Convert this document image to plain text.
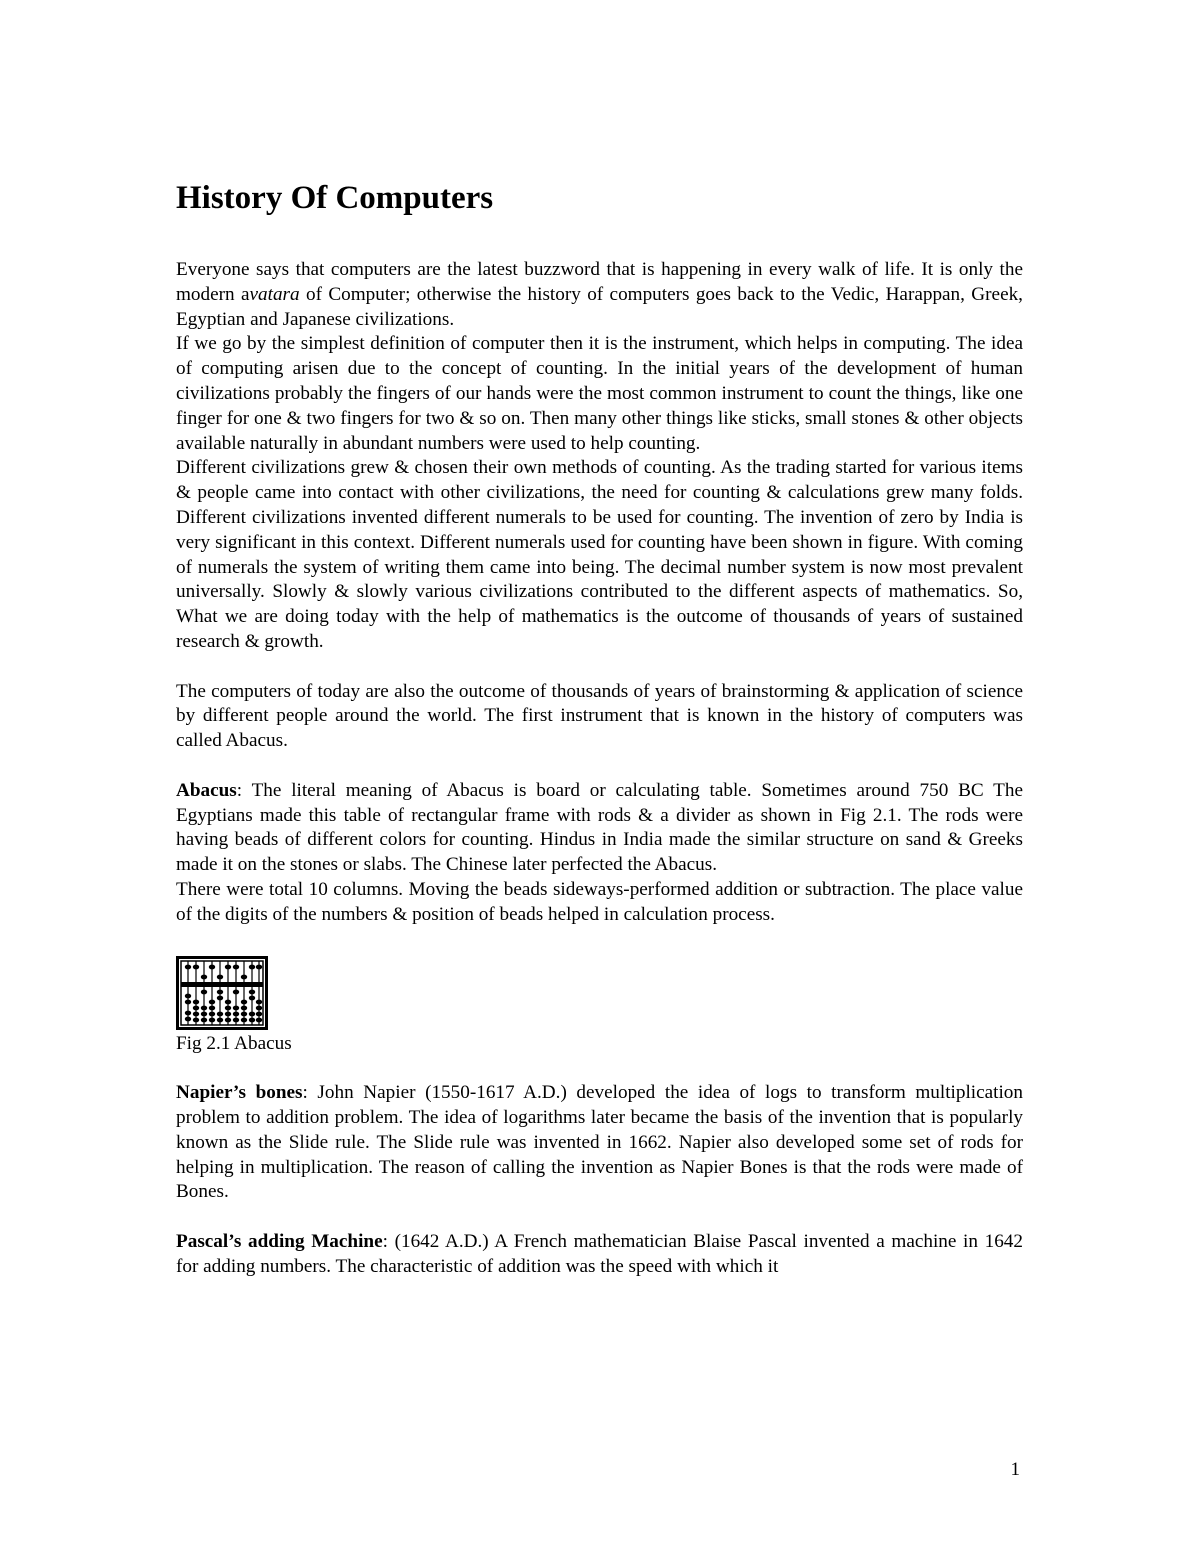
History Of Computers

Everyone says that computers are the latest buzzword that is happening in every walk of life. It is only the modern avatara of Computer; otherwise the history of computers goes back to the Vedic, Harappan, Greek, Egyptian and Japanese civilizations.

If we go by the simplest definition of computer then it is the instrument, which helps in computing. The idea of computing arisen due to the concept of counting. In the initial years of the development of human civilizations probably the fingers of our hands were the most common instrument to count the things, like one finger for one & two fingers for two & so on. Then many other things like sticks, small stones & other objects available naturally in abundant numbers were used to help counting.

Different civilizations grew & chosen their own methods of counting. As the trading started for various items & people came into contact with other civilizations, the need for counting & calculations grew many folds. Different civilizations invented different numerals to be used for counting. The invention of zero by India is very significant in this context. Different numerals used for counting have been shown in figure. With coming of numerals the system of writing them came into being. The decimal number system is now most prevalent universally. Slowly & slowly various civilizations contributed to the different aspects of mathematics. So, What we are doing today with the help of mathematics is the outcome of thousands of years of sustained research & growth.

The computers of today are also the outcome of thousands of years of brainstorming & application of science by different people around the world. The first instrument that is known in the history of computers was called Abacus.

Abacus: The literal meaning of Abacus is board or calculating table. Sometimes around 750 BC The Egyptians made this table of rectangular frame with rods & a divider as shown in Fig 2.1. The rods were having beads of different colors for counting. Hindus in India made the similar structure on sand & Greeks made it on the stones or slabs. The Chinese later perfected the Abacus.

There were total 10 columns. Moving the beads sideways-performed addition or subtraction. The place value of the digits of the numbers & position of beads helped in calculation process.

Fig 2.1 Abacus

Napier’s bones: John Napier (1550-1617 A.D.) developed the idea of logs to transform multiplication problem to addition problem. The idea of logarithms later became the basis of the invention that is popularly known as the Slide rule. The Slide rule was invented in 1662. Napier also developed some set of rods for helping in multiplication. The reason of calling the invention as Napier Bones is that the rods were made of Bones.

Pascal’s adding Machine: (1642 A.D.) A French mathematician Blaise Pascal invented a machine in 1642 for adding numbers. The characteristic of addition was the speed with which it

1
